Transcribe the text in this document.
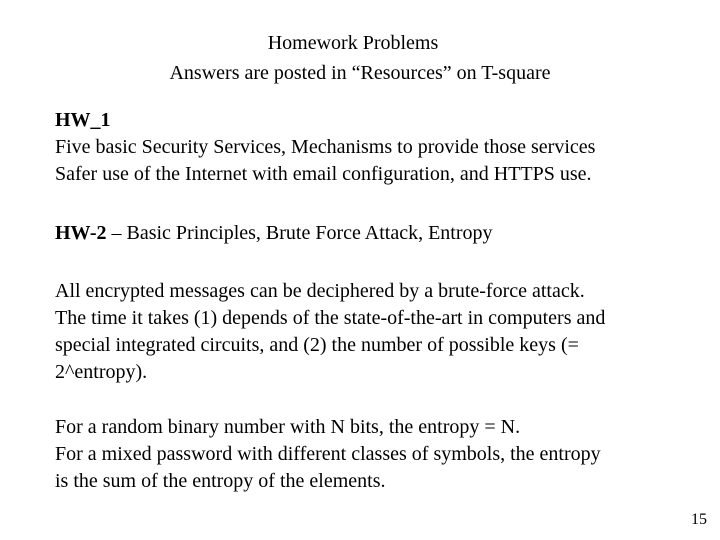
Homework Problems
Answers are posted in “Resources” on T-square
HW_1
Five basic Security Services, Mechanisms to provide those services
Safer use of the Internet with email configuration, and HTTPS use.
HW-2 – Basic Principles, Brute Force Attack, Entropy
All encrypted messages can be deciphered by a brute-force attack.
The time it takes (1) depends of the state-of-the-art in computers and
special integrated circuits, and (2) the number of possible keys (=
2^entropy).
For a random binary number with N bits, the entropy = N.
For a mixed password with different classes of symbols, the entropy
is the sum of the entropy of the elements.
15
